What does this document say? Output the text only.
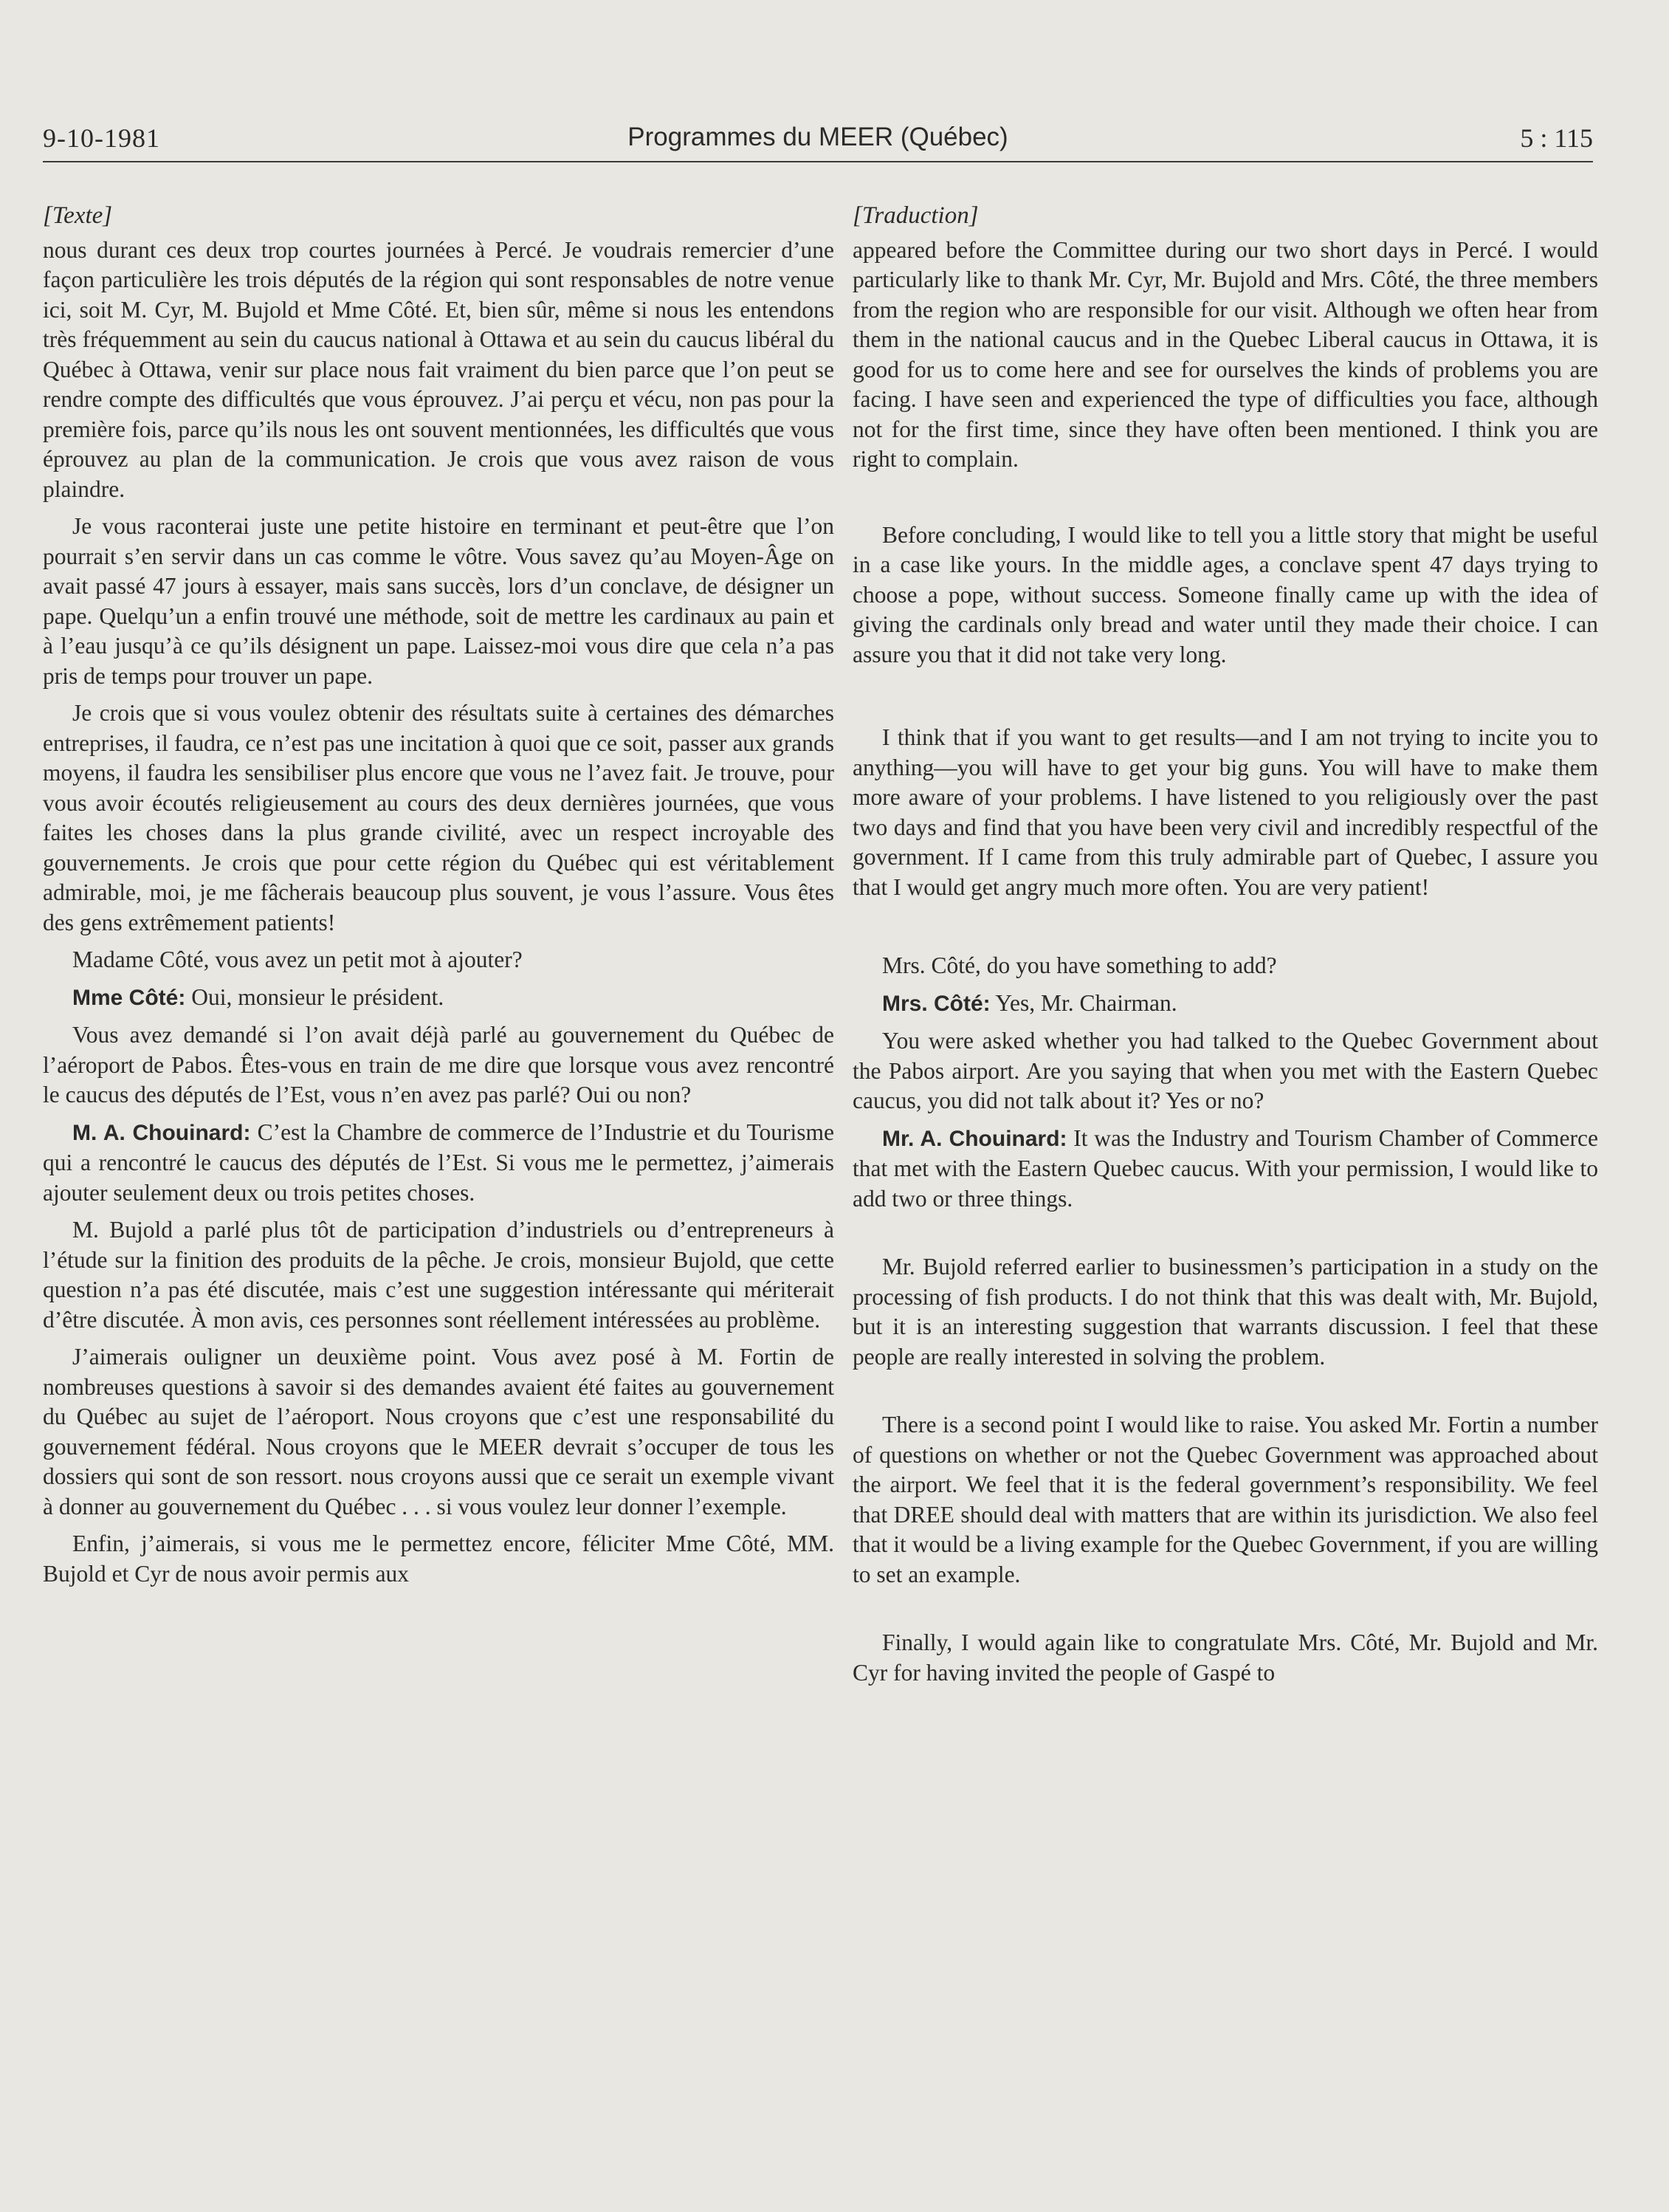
9-10-1981	Programmes du MEER (Québec)	5 : 115
[Texte]

nous durant ces deux trop courtes journées à Percé. Je voudrais remercier d’une façon particulière les trois députés de la région qui sont responsables de notre venue ici, soit M. Cyr, M. Bujold et Mme Côté. Et, bien sûr, même si nous les entendons très fréquemment au sein du caucus national à Ottawa et au sein du caucus libéral du Québec à Ottawa, venir sur place nous fait vraiment du bien parce que l’on peut se rendre compte des difficultés que vous éprouvez. J’ai perçu et vécu, non pas pour la première fois, parce qu’ils nous les ont souvent mentionnées, les difficultés que vous éprouvez au plan de la communication. Je crois que vous avez raison de vous plaindre.

Je vous raconterai juste une petite histoire en terminant et peut-être que l’on pourrait s’en servir dans un cas comme le vôtre. Vous savez qu’au Moyen-Âge on avait passé 47 jours à essayer, mais sans succès, lors d’un conclave, de désigner un pape. Quelqu’un a enfin trouvé une méthode, soit de mettre les cardinaux au pain et à l’eau jusqu’à ce qu’ils désignent un pape. Laissez-moi vous dire que cela n’a pas pris de temps pour trouver un pape.

Je crois que si vous voulez obtenir des résultats suite à certaines des démarches entreprises, il faudra, ce n’est pas une incitation à quoi que ce soit, passer aux grands moyens, il faudra les sensibiliser plus encore que vous ne l’avez fait. Je trouve, pour vous avoir écoutés religieusement au cours des deux dernières journées, que vous faites les choses dans la plus grande civilité, avec un respect incroyable des gouvernements. Je crois que pour cette région du Québec qui est véritablement admirable, moi, je me fâcherais beaucoup plus souvent, je vous l’assure. Vous êtes des gens extrêmement patients!

Madame Côté, vous avez un petit mot à ajouter?

Mme Côté: Oui, monsieur le président.

Vous avez demandé si l’on avait déjà parlé au gouvernement du Québec de l’aéroport de Pabos. Êtes-vous en train de me dire que lorsque vous avez rencontré le caucus des députés de l’Est, vous n’en avez pas parlé? Oui ou non?

M. A. Chouinard: C’est la Chambre de commerce de l’Industrie et du Tourisme qui a rencontré le caucus des députés de l’Est. Si vous me le permettez, j’aimerais ajouter seulement deux ou trois petites choses.

M. Bujold a parlé plus tôt de participation d’industriels ou d’entrepreneurs à l’étude sur la finition des produits de la pêche. Je crois, monsieur Bujold, que cette question n’a pas été discutée, mais c’est une suggestion intéressante qui mériterait d’être discutée. À mon avis, ces personnes sont réellement intéressées au problème.

J’aimerais ouligner un deuxième point. Vous avez posé à M. Fortin de nombreuses questions à savoir si des demandes avaient été faites au gouvernement du Québec au sujet de l’aéroport. Nous croyons que c’est une responsabilité du gouvernement fédéral. Nous croyons que le MEER devrait s’occuper de tous les dossiers qui sont de son ressort. nous croyons aussi que ce serait un exemple vivant à donner au gouvernement du Québec . . . si vous voulez leur donner l’exemple.

Enfin, j’aimerais, si vous me le permettez encore, féliciter Mme Côté, MM. Bujold et Cyr de nous avoir permis aux

[Traduction]

appeared before the Committee during our two short days in Percé. I would particularly like to thank Mr. Cyr, Mr. Bujold and Mrs. Côté, the three members from the region who are responsible for our visit. Although we often hear from them in the national caucus and in the Quebec Liberal caucus in Ottawa, it is good for us to come here and see for ourselves the kinds of problems you are facing. I have seen and experienced the type of difficulties you face, although not for the first time, since they have often been mentioned. I think you are right to complain.

Before concluding, I would like to tell you a little story that might be useful in a case like yours. In the middle ages, a conclave spent 47 days trying to choose a pope, without success. Someone finally came up with the idea of giving the cardinals only bread and water until they made their choice. I can assure you that it did not take very long.

I think that if you want to get results—and I am not trying to incite you to anything—you will have to get your big guns. You will have to make them more aware of your problems. I have listened to you religiously over the past two days and find that you have been very civil and incredibly respectful of the government. If I came from this truly admirable part of Quebec, I assure you that I would get angry much more often. You are very patient!

Mrs. Côté, do you have something to add?

Mrs. Côté: Yes, Mr. Chairman.

You were asked whether you had talked to the Quebec Government about the Pabos airport. Are you saying that when you met with the Eastern Quebec caucus, you did not talk about it? Yes or no?

Mr. A. Chouinard: It was the Industry and Tourism Chamber of Commerce that met with the Eastern Quebec caucus. With your permission, I would like to add two or three things.

Mr. Bujold referred earlier to businessmen’s participation in a study on the processing of fish products. I do not think that this was dealt with, Mr. Bujold, but it is an interesting suggestion that warrants discussion. I feel that these people are really interested in solving the problem.

There is a second point I would like to raise. You asked Mr. Fortin a number of questions on whether or not the Quebec Government was approached about the airport. We feel that it is the federal government’s responsibility. We feel that DREE should deal with matters that are within its jurisdiction. We also feel that it would be a living example for the Quebec Government, if you are willing to set an example.

Finally, I would again like to congratulate Mrs. Côté, Mr. Bujold and Mr. Cyr for having invited the people of Gaspé to
